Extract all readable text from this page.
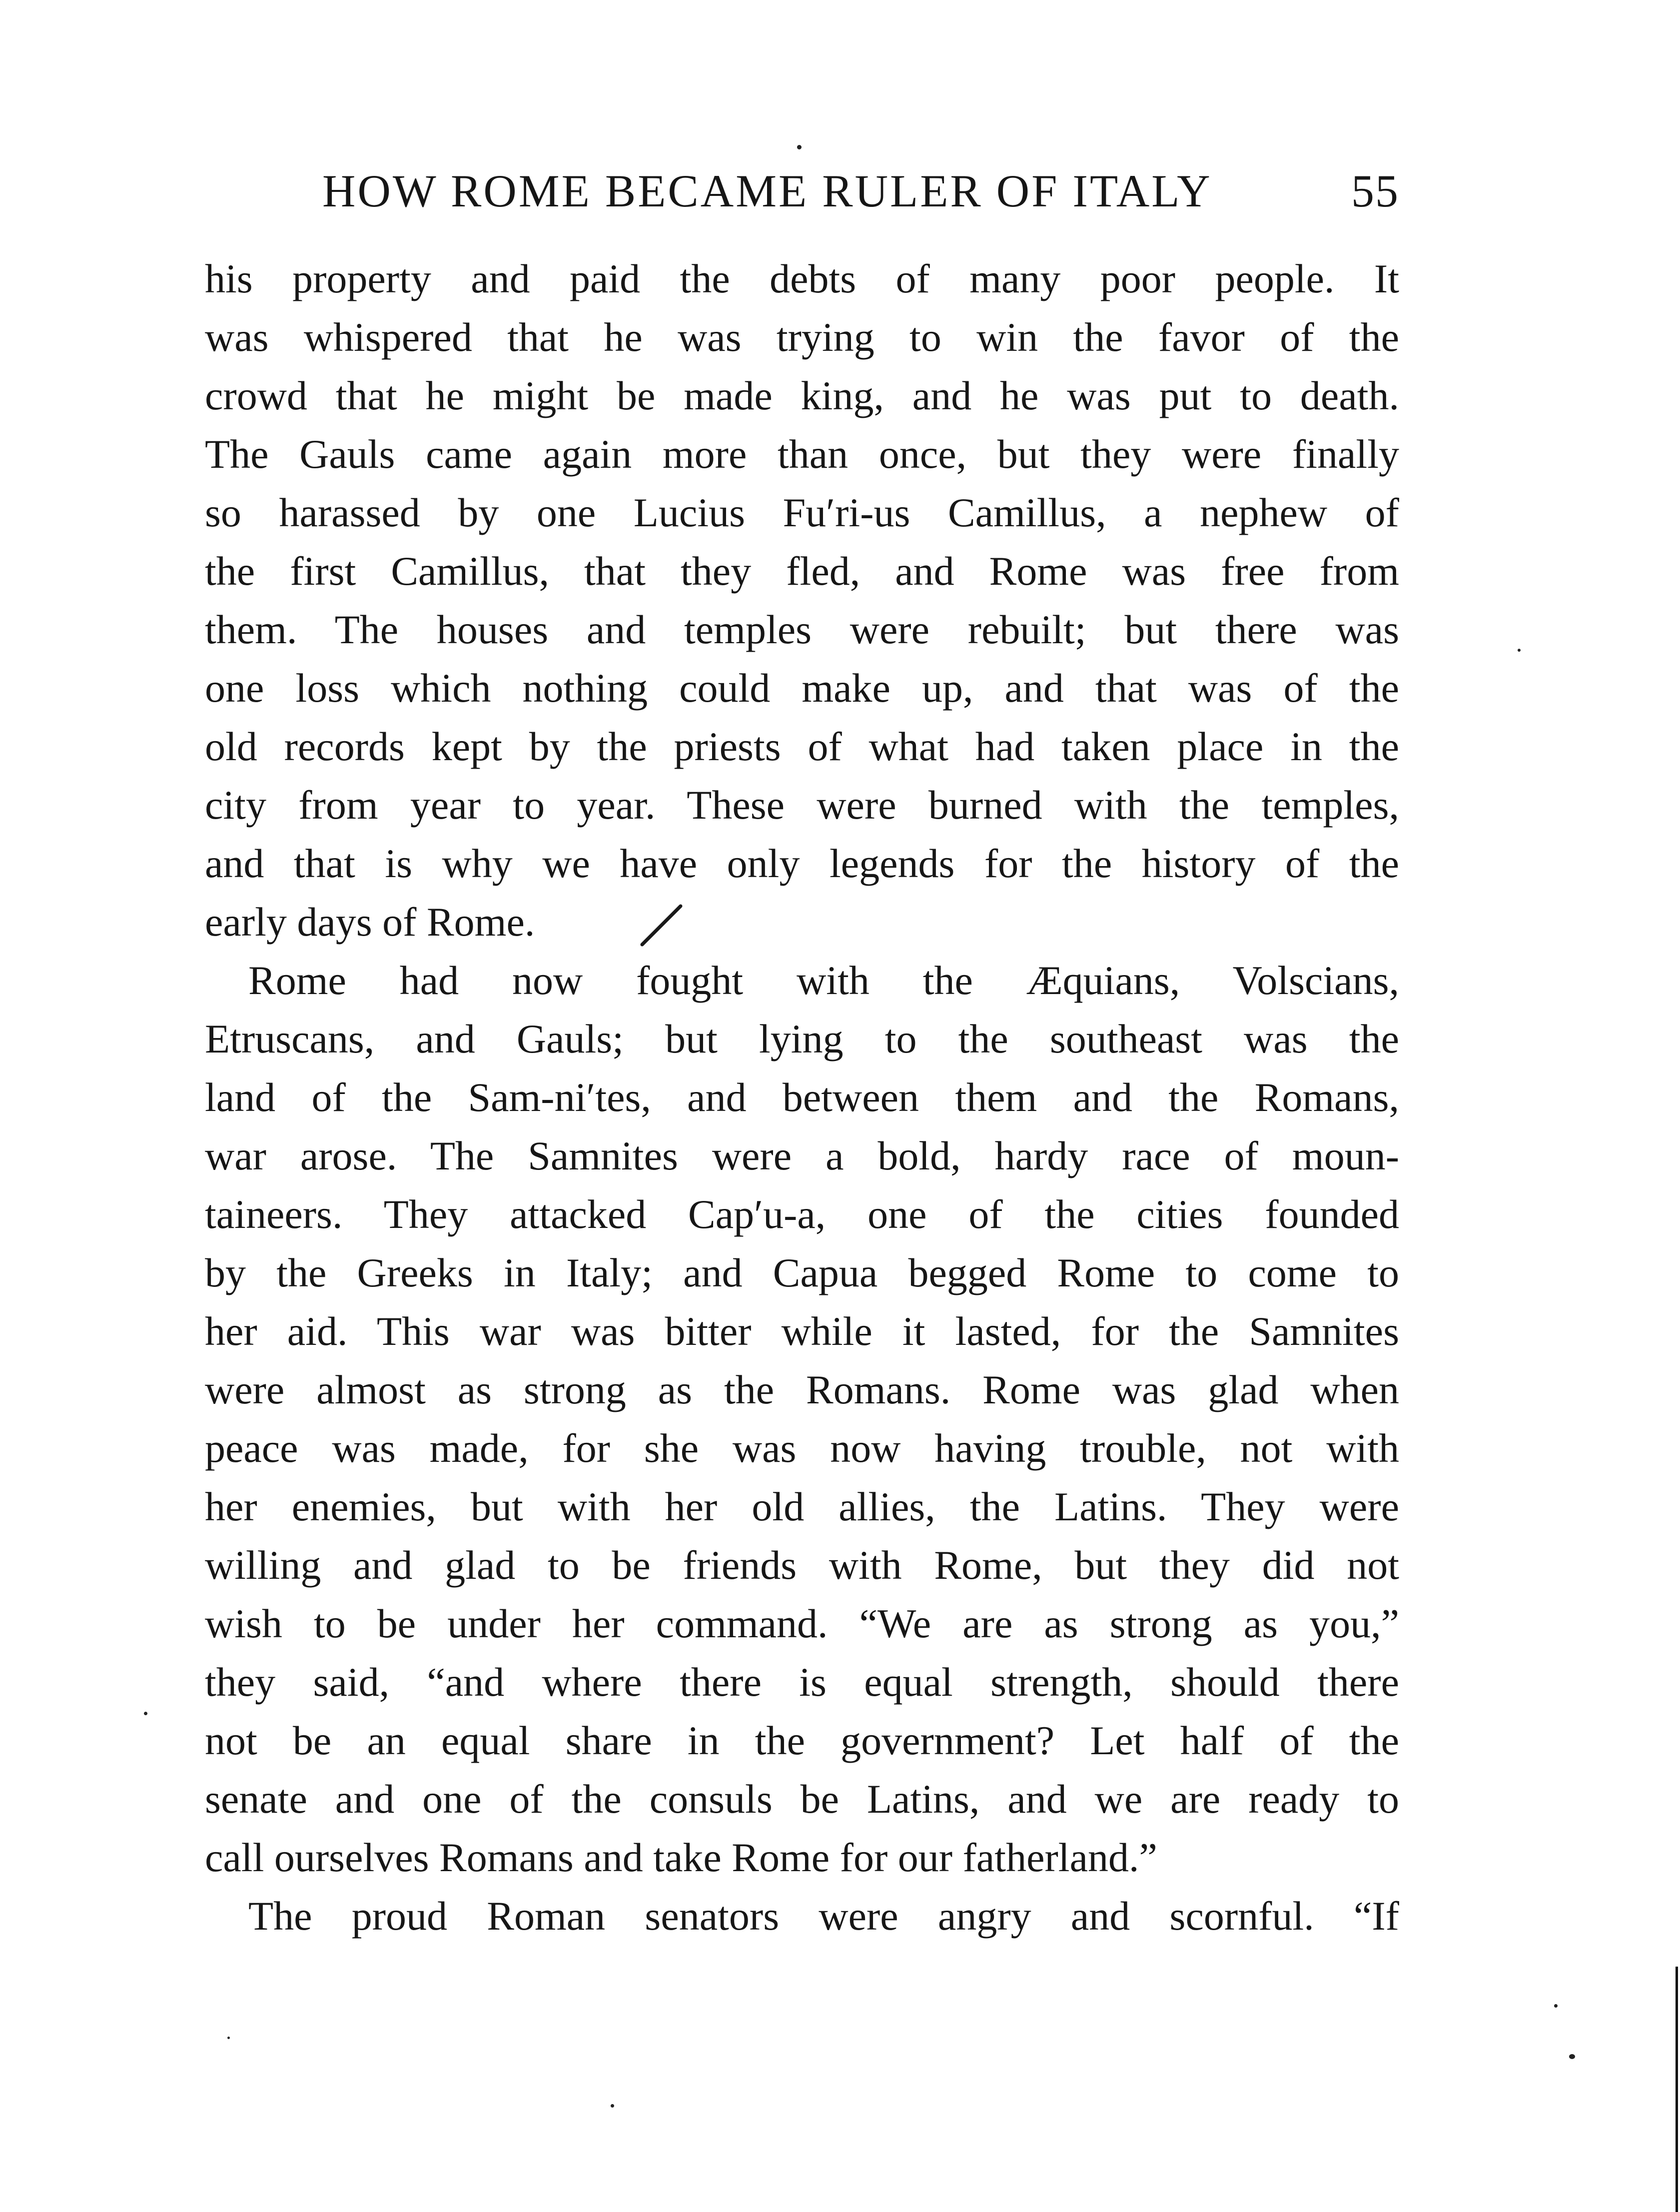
HOW ROME BECAME RULER OF ITALY	55
his property and paid the debts of many poor people. It
was whispered that he was trying to win the favor of the
crowd that he might be made king, and he was put to death.
The Gauls came again more than once, but they were finally
so harassed by one Lucius Fu′ri-us Camillus, a nephew of
the first Camillus, that they fled, and Rome was free from
them. The houses and temples were rebuilt; but there was
one loss which nothing could make up, and that was of the
old records kept by the priests of what had taken place in the
city from year to year. These were burned with the temples,
and that is why we have only legends for the history of the
early days of Rome.
Rome had now fought with the Æquians, Volscians,
Etruscans, and Gauls; but lying to the southeast was the
land of the Sam-ni′tes, and between them and the Romans,
war arose. The Samnites were a bold, hardy race of moun-
taineers. They attacked Cap′u-a, one of the cities founded
by the Greeks in Italy; and Capua begged Rome to come to
her aid. This war was bitter while it lasted, for the Samnites
were almost as strong as the Romans. Rome was glad when
peace was made, for she was now having trouble, not with
her enemies, but with her old allies, the Latins. They were
willing and glad to be friends with Rome, but they did not
wish to be under her command. “We are as strong as you,”
they said, “and where there is equal strength, should there
not be an equal share in the government? Let half of the
senate and one of the consuls be Latins, and we are ready to
call ourselves Romans and take Rome for our fatherland.”
The proud Roman senators were angry and scornful. “If
